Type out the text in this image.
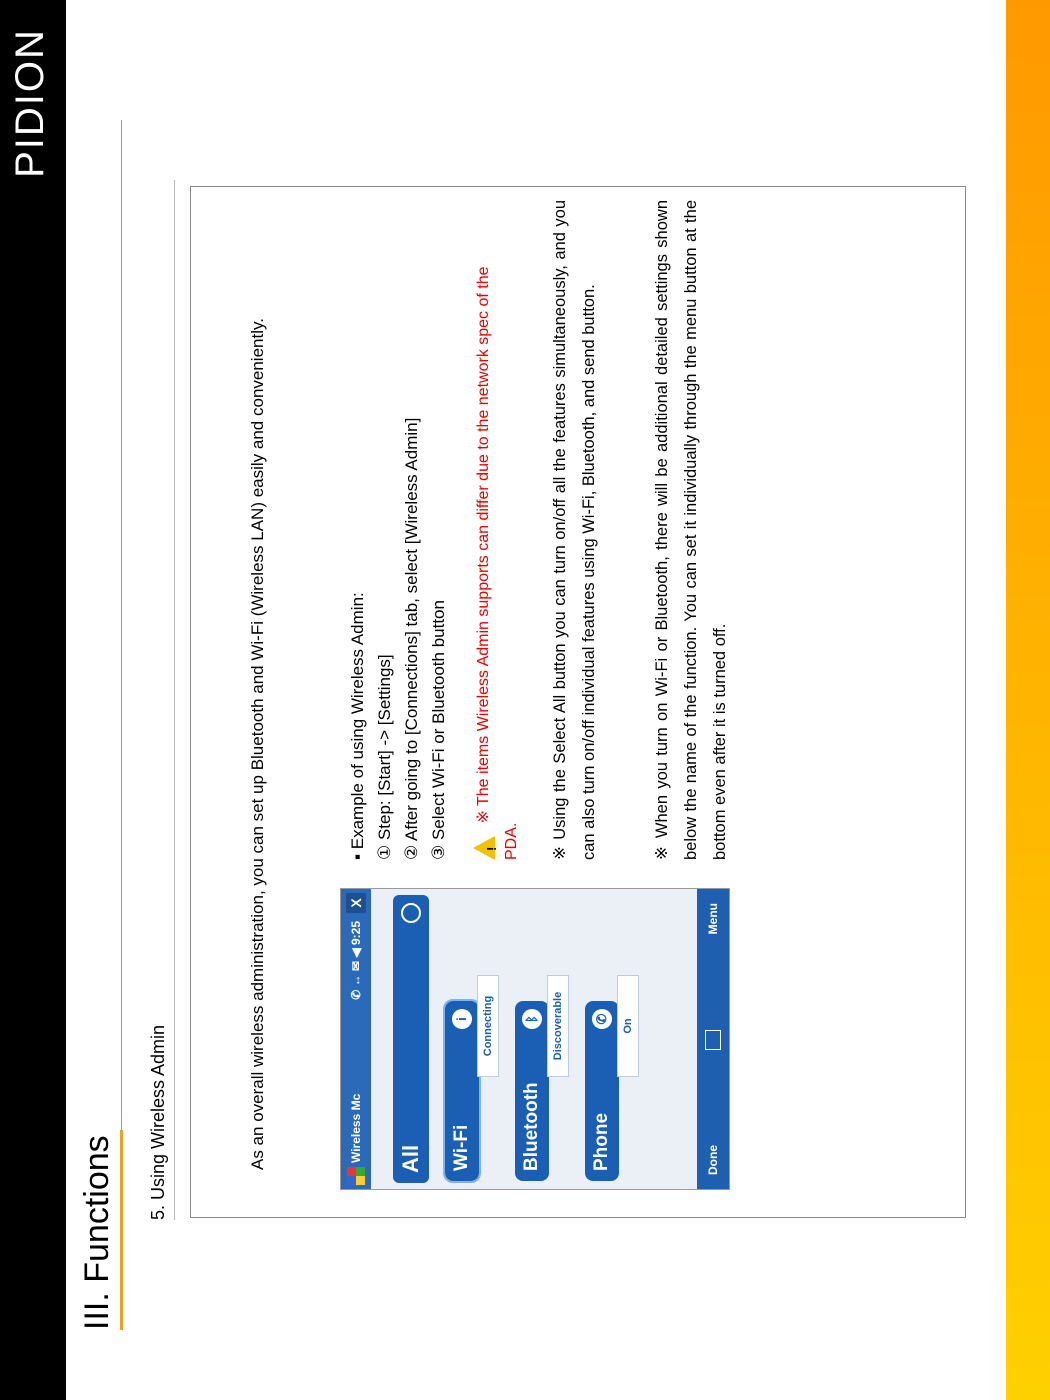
PIDION
III. Functions
5. Using Wireless Admin	As an overall wireless administration, you can set up Bluetooth and Wi-Fi (Wireless LAN) easily and conveniently.	Wireless Mc
✆ ↔ ✉ ◀ 9:25
X
All Wi-Fi
i	Connecting
Bluetooth
ᛒ	Discoverable
Phone
✆	On
Done
Menu
▪ Example of using Wireless Admin: ① Step: [Start] -> [Settings] ② After going to [Connections] tab, select [Wireless Admin] ③ Select Wi-Fi or Bluetooth button	!
※ The items Wireless Admin supports can differ due to the network spec of the PDA.	※ Using the Select All button you can turn on/off all the features simultaneously, and you can also turn on/off individual features using Wi-Fi, Bluetooth, and send button.	※ When you turn on Wi-Fi or Bluetooth, there will be additional detailed settings shown below the name of the function. You can set it individually through the menu button at the bottom even after it is turned off.
